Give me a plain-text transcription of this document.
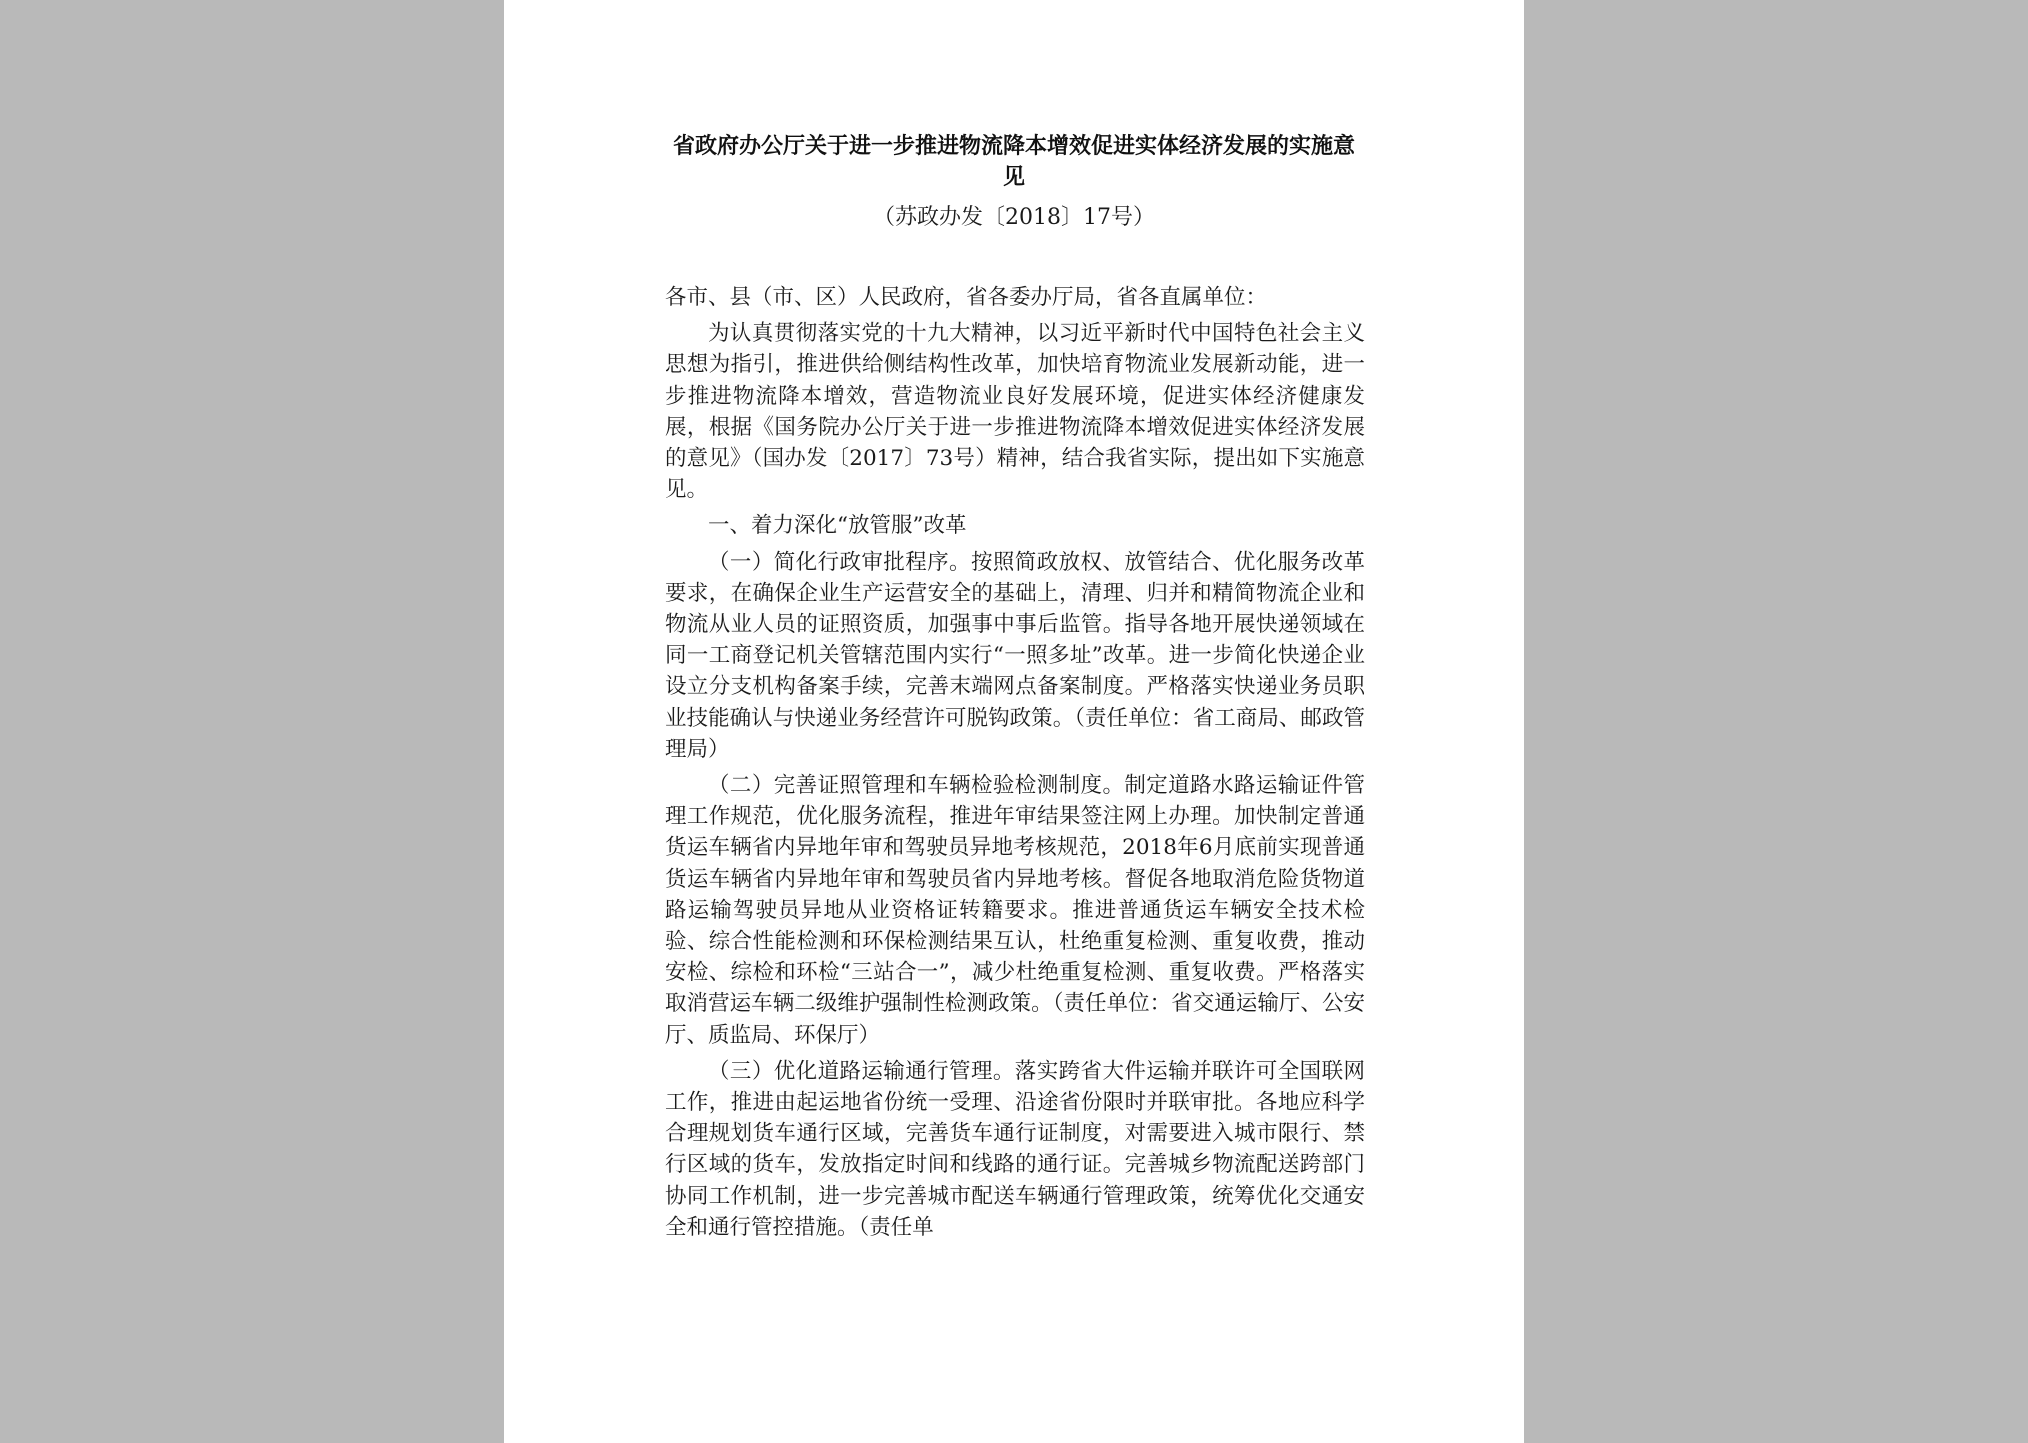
省政府办公厅关于进一步推进物流降本增效促进实体经济发展的实施意见
（苏政办发〔2018〕17号）

各市、县（市、区）人民政府，省各委办厅局，省各直属单位：

为认真贯彻落实党的十九大精神，以习近平新时代中国特色社会主义思想为指引，推进供给侧结构性改革，加快培育物流业发展新动能，进一步推进物流降本增效，营造物流业良好发展环境，促进实体经济健康发展，根据《国务院办公厅关于进一步推进物流降本增效促进实体经济发展的意见》（国办发〔2017〕73号）精神，结合我省实际，提出如下实施意见。

一、着力深化“放管服”改革

（一）简化行政审批程序。按照简政放权、放管结合、优化服务改革要求，在确保企业生产运营安全的基础上，清理、归并和精简物流企业和物流从业人员的证照资质，加强事中事后监管。指导各地开展快递领域在同一工商登记机关管辖范围内实行“一照多址”改革。进一步简化快递企业设立分支机构备案手续，完善末端网点备案制度。严格落实快递业务员职业技能确认与快递业务经营许可脱钩政策。（责任单位：省工商局、邮政管理局）

（二）完善证照管理和车辆检验检测制度。制定道路水路运输证件管理工作规范，优化服务流程，推进年审结果签注网上办理。加快制定普通货运车辆省内异地年审和驾驶员异地考核规范，2018年6月底前实现普通货运车辆省内异地年审和驾驶员省内异地考核。督促各地取消危险货物道路运输驾驶员异地从业资格证转籍要求。推进普通货运车辆安全技术检验、综合性能检测和环保检测结果互认，杜绝重复检测、重复收费，推动安检、综检和环检“三站合一”，减少杜绝重复检测、重复收费。严格落实取消营运车辆二级维护强制性检测政策。（责任单位：省交通运输厅、公安厅、质监局、环保厅）

（三）优化道路运输通行管理。落实跨省大件运输并联许可全国联网工作，推进由起运地省份统一受理、沿途省份限时并联审批。各地应科学合理规划货车通行区域，完善货车通行证制度，对需要进入城市限行、禁行区域的货车，发放指定时间和线路的通行证。完善城乡物流配送跨部门协同工作机制，进一步完善城市配送车辆通行管理政策，统筹优化交通安全和通行管控措施。（责任单
